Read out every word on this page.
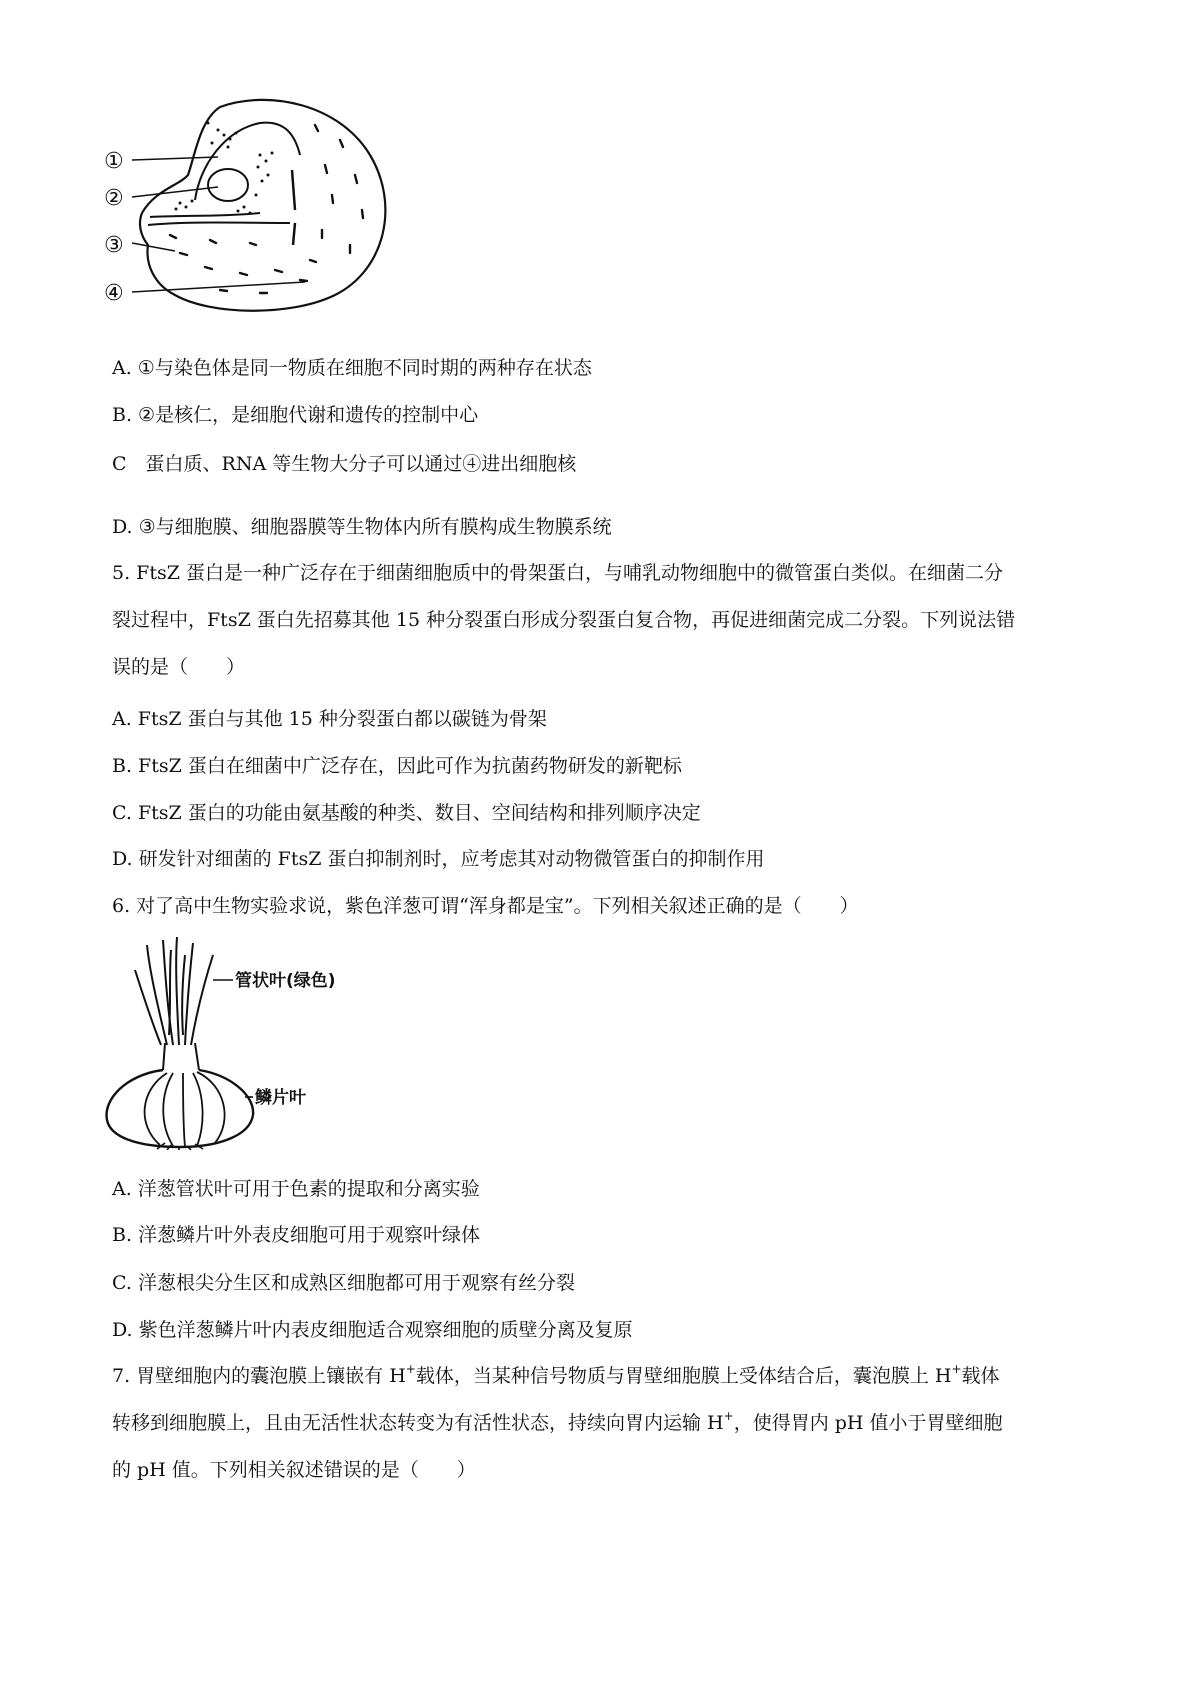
①
②
③
④
A. ①与染色体是同一物质在细胞不同时期的两种存在状态
B. ②是核仁，是细胞代谢和遗传的控制中心
C　蛋白质、RNA 等生物大分子可以通过④进出细胞核
D. ③与细胞膜、细胞器膜等生物体内所有膜构成生物膜系统
5. FtsZ 蛋白是一种广泛存在于细菌细胞质中的骨架蛋白，与哺乳动物细胞中的微管蛋白类似。在细菌二分
裂过程中，FtsZ 蛋白先招募其他 15 种分裂蛋白形成分裂蛋白复合物，再促进细菌完成二分裂。下列说法错
误的是（　　）
A. FtsZ 蛋白与其他 15 种分裂蛋白都以碳链为骨架
B. FtsZ 蛋白在细菌中广泛存在，因此可作为抗菌药物研发的新靶标
C. FtsZ 蛋白的功能由氨基酸的种类、数目、空间结构和排列顺序决定
D. 研发针对细菌的 FtsZ 蛋白抑制剂时，应考虑其对动物微管蛋白的抑制作用
6. 对了高中生物实验求说，紫色洋葱可谓“浑身都是宝”。下列相关叙述正确的是（　　）
管状叶(绿色)
鳞片叶
A. 洋葱管状叶可用于色素的提取和分离实验
B. 洋葱鳞片叶外表皮细胞可用于观察叶绿体
C. 洋葱根尖分生区和成熟区细胞都可用于观察有丝分裂
D. 紫色洋葱鳞片叶内表皮细胞适合观察细胞的质壁分离及复原
7. 胃壁细胞内的囊泡膜上镶嵌有 H+载体，当某种信号物质与胃壁细胞膜上受体结合后，囊泡膜上 H+载体
转移到细胞膜上，且由无活性状态转变为有活性状态，持续向胃内运输 H+，使得胃内 pH 值小于胃壁细胞
的 pH 值。下列相关叙述错误的是（　　）
